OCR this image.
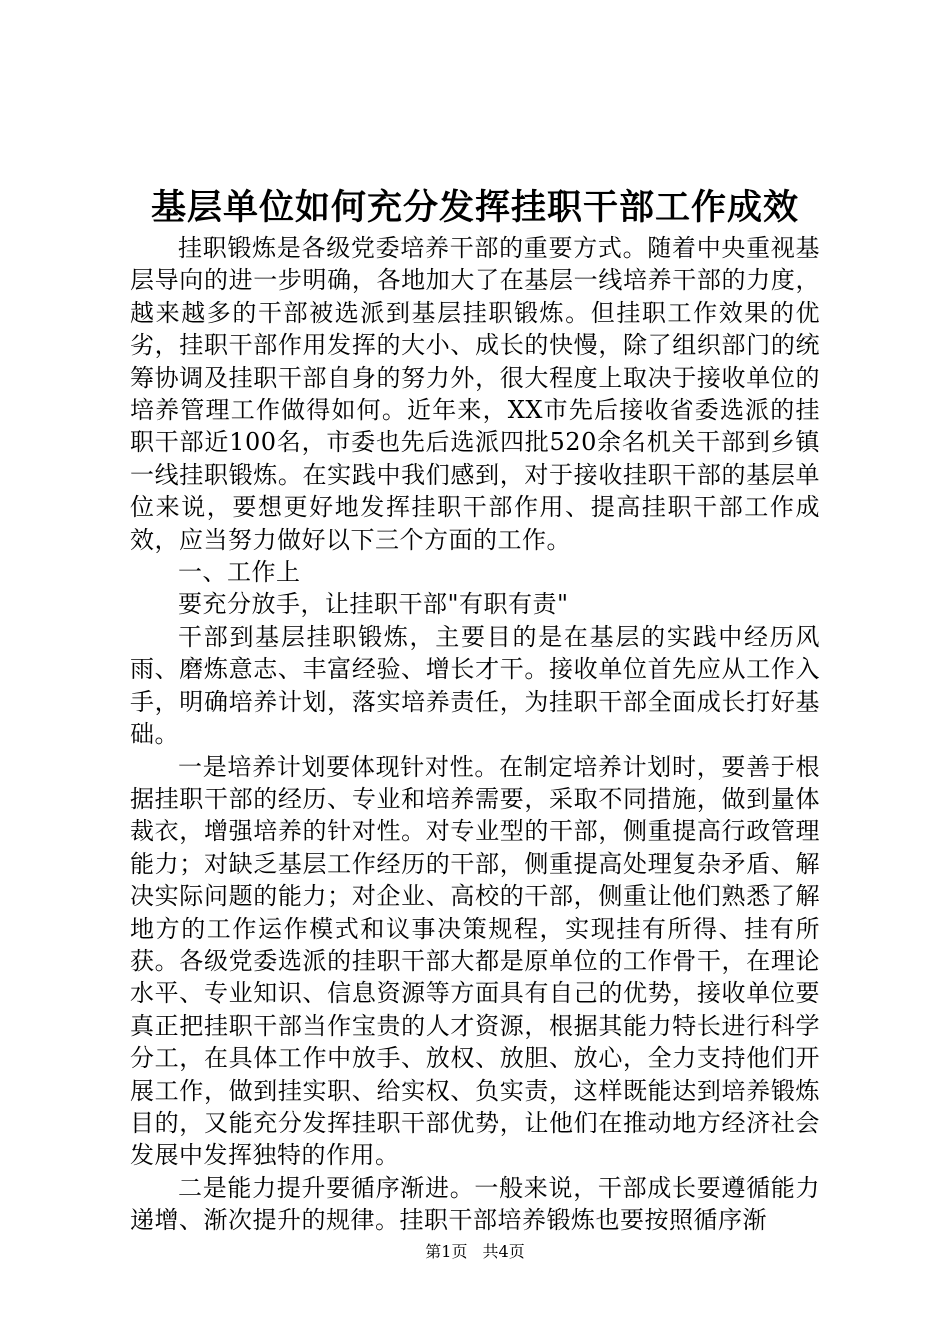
基层单位如何充分发挥挂职干部工作成效

挂职锻炼是各级党委培养干部的重要方式。随着中央重视基层导向的进一步明确，各地加大了在基层一线培养干部的力度，越来越多的干部被选派到基层挂职锻炼。但挂职工作效果的优劣，挂职干部作用发挥的大小、成长的快慢，除了组织部门的统筹协调及挂职干部自身的努力外，很大程度上取决于接收单位的培养管理工作做得如何。近年来，XX市先后接收省委选派的挂职干部近100名，市委也先后选派四批520余名机关干部到乡镇一线挂职锻炼。在实践中我们感到，对于接收挂职干部的基层单位来说，要想更好地发挥挂职干部作用、提高挂职干部工作成效，应当努力做好以下三个方面的工作。

一、工作上

要充分放手，让挂职干部"有职有责"

干部到基层挂职锻炼，主要目的是在基层的实践中经历风雨、磨炼意志、丰富经验、增长才干。接收单位首先应从工作入手，明确培养计划，落实培养责任，为挂职干部全面成长打好基础。

一是培养计划要体现针对性。在制定培养计划时，要善于根据挂职干部的经历、专业和培养需要，采取不同措施，做到量体裁衣，增强培养的针对性。对专业型的干部，侧重提高行政管理能力；对缺乏基层工作经历的干部，侧重提高处理复杂矛盾、解决实际问题的能力；对企业、高校的干部，侧重让他们熟悉了解地方的工作运作模式和议事决策规程，实现挂有所得、挂有所获。各级党委选派的挂职干部大都是原单位的工作骨干，在理论水平、专业知识、信息资源等方面具有自己的优势，接收单位要真正把挂职干部当作宝贵的人才资源，根据其能力特长进行科学分工，在具体工作中放手、放权、放胆、放心，全力支持他们开展工作，做到挂实职、给实权、负实责，这样既能达到培养锻炼目的，又能充分发挥挂职干部优势，让他们在推动地方经济社会发展中发挥独特的作用。

二是能力提升要循序渐进。一般来说，干部成长要遵循能力递增、渐次提升的规律。挂职干部培养锻炼也要按照循序渐

第1页 共4页
